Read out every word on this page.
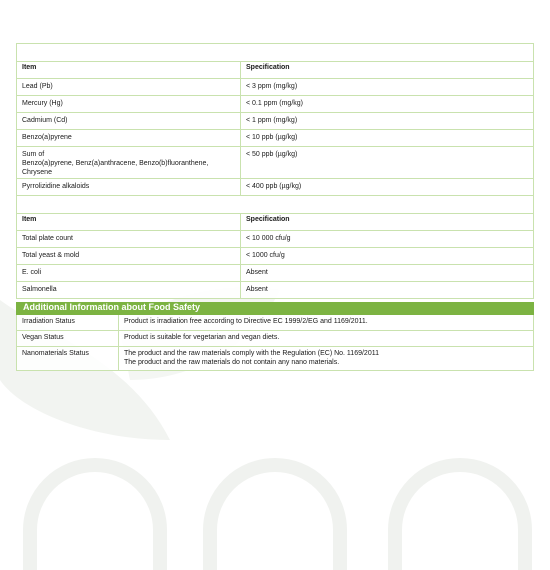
Purity	
Item	Specification
Lead (Pb)	< 3 ppm (mg/kg)
Mercury (Hg)	< 0.1 ppm (mg/kg)
Cadmium (Cd)	< 1 ppm (mg/kg)
Benzo(a)pyrene	< 10 ppb (µg/kg)

Sum of
Benzo(a)pyrene, Benz(a)anthracene, Benzo(b)fluoranthene,
Chrysene	< 50 ppb (µg/kg)
Pyrrolizidine alkaloids	< 400 ppb (µg/kg)
Microbiology	
Item	Specification
Total plate count	< 10 000 cfu/g
Total yeast & mold	< 1000 cfu/g
E. coli	Absent
Salmonella	Absent
Additional Information about Food Safety	
Irradiation Status	Product is irradiation free according to Directive EC 1999/2/EG and 1169/2011.

Vegan Status	Product is suitable for vegetarian and vegan diets.

Nanomaterials Status	The product and the raw materials comply with the Regulation (EC) No. 1169/2011
The product and the raw materials do not contain any nano materials.
